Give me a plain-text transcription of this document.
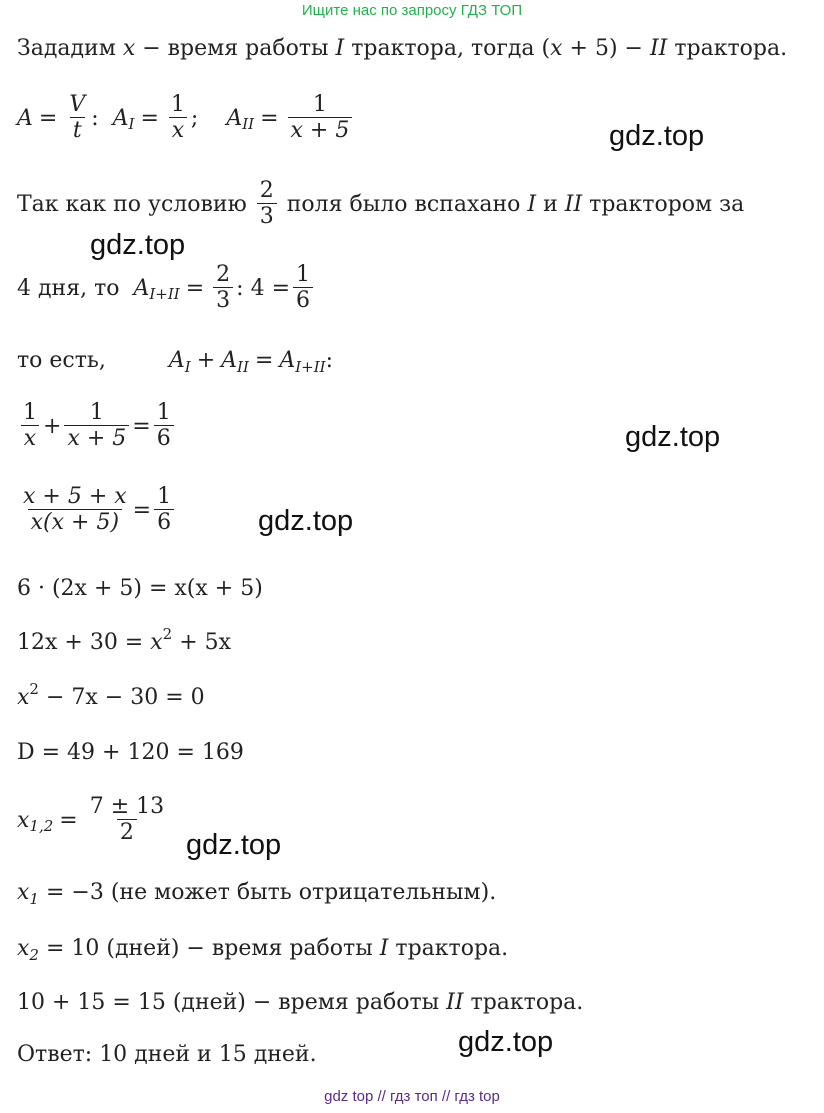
Ищите нас по запросу ГДЗ ТОП
Зададим
x
− время работы
I
трактора, тогда ( x
+ 5) −
II
трактора.
$A = \frac{V}{t}$ :
A $I = \frac{1}{x}$ ;
A II = $\frac{1}{x + 5}$
Так как по условию
$\frac{2}{3}$
поля было вспахано
I
и
II
трактором за
4 дня, то
A $I+II = \frac{2}{3}$ : $4 = \frac{1}{6}$
то есть,
	A I + A II = A I+II :
$\frac{1}{x} + \frac{1}{x + 5} = \frac{1}{6}$
$\frac{x + 5 + x}{x(x + 5)} = \frac{1}{6}$
6 · (2x + 5) = x(x + 5)
12x + 30 =
x 2
+ 5x
x 2
− 7x − 30 = 0
D = 49 + 120 = 169
x $1,2 = \frac{7 \pm 13}{2}$
x 1
= −3 (не может быть отрицательным).
x 2
= 10 (дней) − время работы
I
трактора.
10 + 15 = 15 (дней) − время работы
II
трактора.
Ответ: 10 дней и 15 дней.
gdz.top
gdz.top
gdz.top
gdz.top
gdz.top
gdz.top
gdz top // гдз топ // гдз top
